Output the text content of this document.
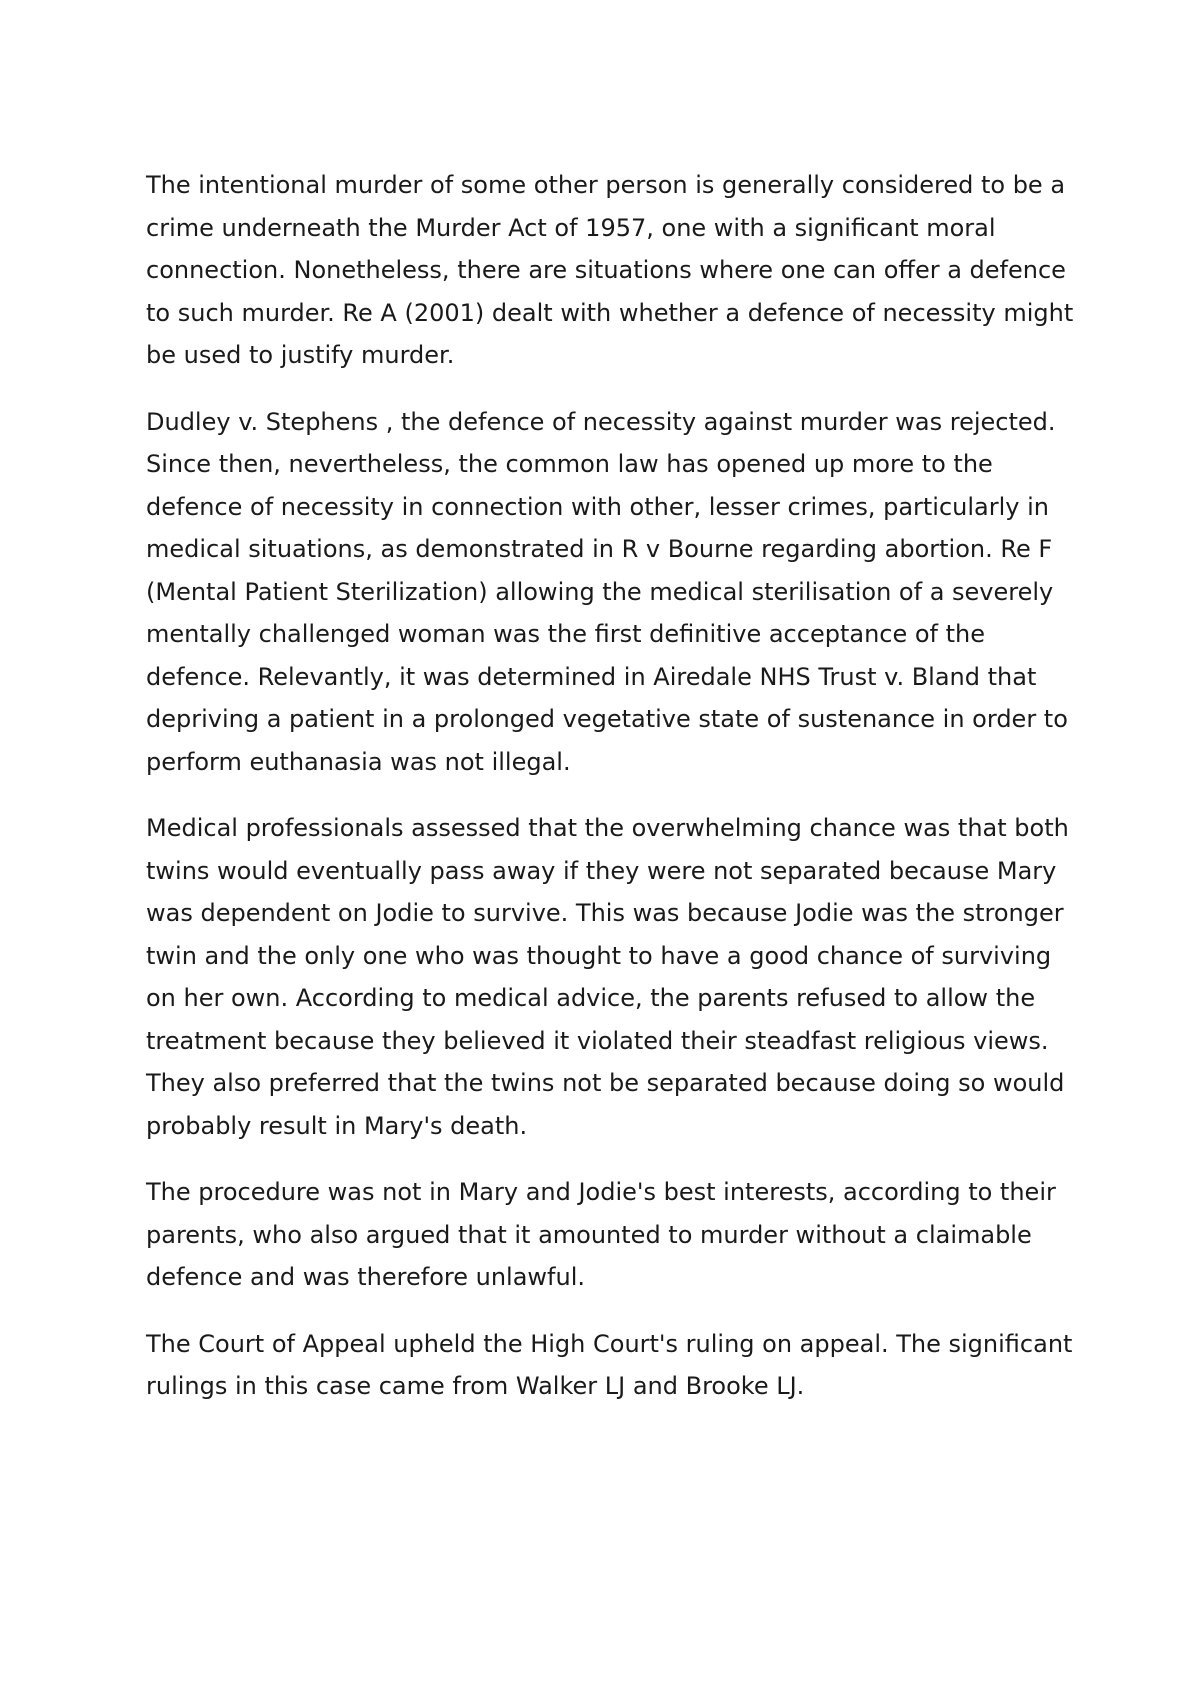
The intentional murder of some other person is generally considered to be a crime underneath the Murder Act of 1957, one with a significant moral connection. Nonetheless, there are situations where one can offer a defence to such murder. Re A (2001) dealt with whether a defence of necessity might be used to justify murder.

Dudley v. Stephens , the defence of necessity against murder was rejected. Since then, nevertheless, the common law has opened up more to the defence of necessity in connection with other, lesser crimes, particularly in medical situations, as demonstrated in R v Bourne regarding abortion. Re F (Mental Patient Sterilization) allowing the medical sterilisation of a severely mentally challenged woman was the first definitive acceptance of the defence. Relevantly, it was determined in Airedale NHS Trust v. Bland that depriving a patient in a prolonged vegetative state of sustenance in order to perform euthanasia was not illegal.

Medical professionals assessed that the overwhelming chance was that both twins would eventually pass away if they were not separated because Mary was dependent on Jodie to survive. This was because Jodie was the stronger twin and the only one who was thought to have a good chance of surviving on her own. According to medical advice, the parents refused to allow the treatment because they believed it violated their steadfast religious views. They also preferred that the twins not be separated because doing so would probably result in Mary's death.

The procedure was not in Mary and Jodie's best interests, according to their parents, who also argued that it amounted to murder without a claimable defence and was therefore unlawful.

The Court of Appeal upheld the High Court's ruling on appeal. The significant rulings in this case came from Walker LJ and Brooke LJ.
